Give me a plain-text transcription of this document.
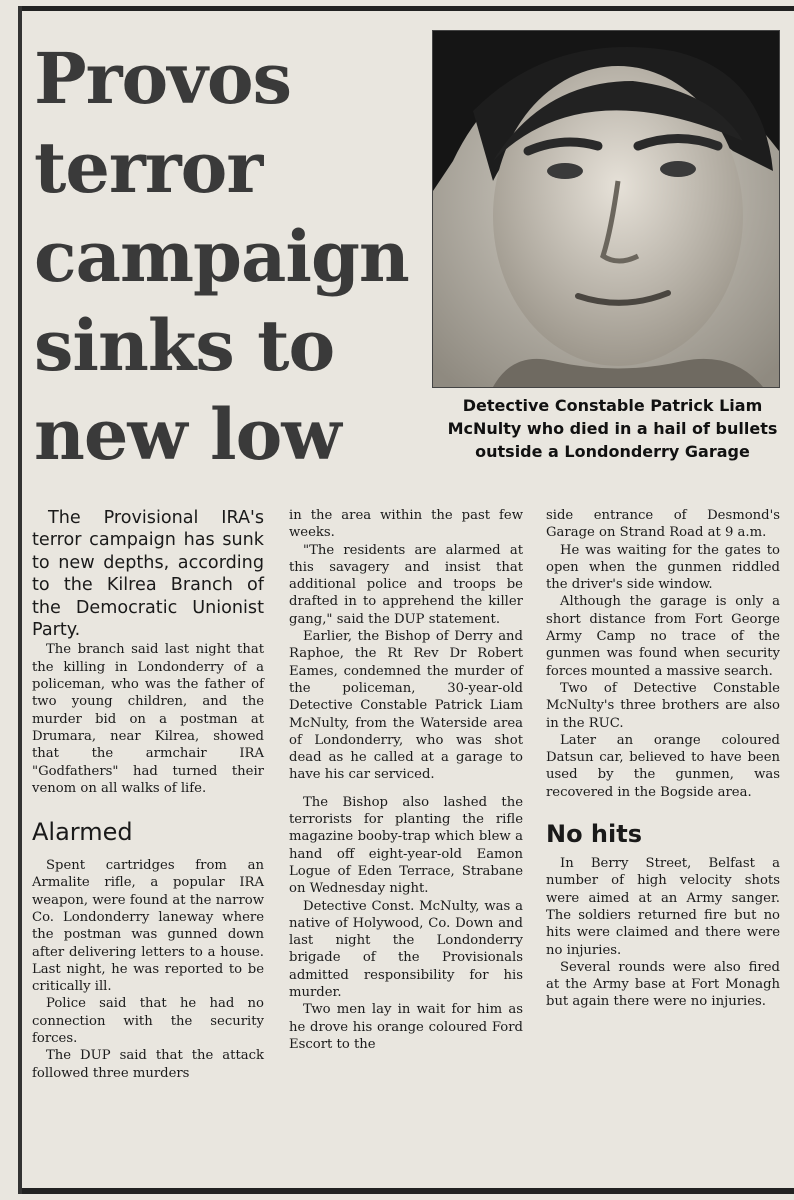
Provos terror campaign sinks to new low	Detective Constable Patrick Liam McNulty who died in a hail of bullets outside a Londonderry Garage

The Provisional IRA's terror campaign has sunk to new depths, according to the Kilrea Branch of the Democratic Unionist Party.

The branch said last night that the killing in Londonderry of a policeman, who was the father of two young children, and the murder bid on a postman at Drumara, near Kilrea, showed that the armchair IRA "Godfathers" had turned their venom on all walks of life.

Alarmed

Spent cartridges from an Armalite rifle, a popular IRA weapon, were found at the narrow Co. Londonderry laneway where the postman was gunned down after delivering letters to a house. Last night, he was reported to be critically ill.

Police said that he had no connection with the security forces.

The DUP said that the attack followed three murders

in the area within the past few weeks.

"The residents are alarmed at this savagery and insist that additional police and troops be drafted in to apprehend the killer gang," said the DUP statement.

Earlier, the Bishop of Derry and Raphoe, the Rt Rev Dr Robert Eames, condemned the murder of the policeman, 30-year-old Detective Constable Patrick Liam McNulty, from the Waterside area of Londonderry, who was shot dead as he called at a garage to have his car serviced.

The Bishop also lashed the terrorists for planting the rifle magazine booby-trap which blew a hand off eight-year-old Eamon Logue of Eden Terrace, Strabane on Wednesday night.

Detective Const. McNulty, was a native of Holywood, Co. Down and last night the Londonderry brigade of the Provisionals admitted responsibility for his murder.

Two men lay in wait for him as he drove his orange coloured Ford Escort to the

side entrance of Desmond's Garage on Strand Road at 9 a.m.

He was waiting for the gates to open when the gunmen riddled the driver's side window.

Although the garage is only a short distance from Fort George Army Camp no trace of the gunmen was found when security forces mounted a massive search.

Two of Detective Constable McNulty's three brothers are also in the RUC.

Later an orange coloured Datsun car, believed to have been used by the gunmen, was recovered in the Bogside area.

No hits

In Berry Street, Belfast a number of high velocity shots were aimed at an Army sanger. The soldiers returned fire but no hits were claimed and there were no injuries.

Several rounds were also fired at the Army base at Fort Monagh but again there were no injuries.
